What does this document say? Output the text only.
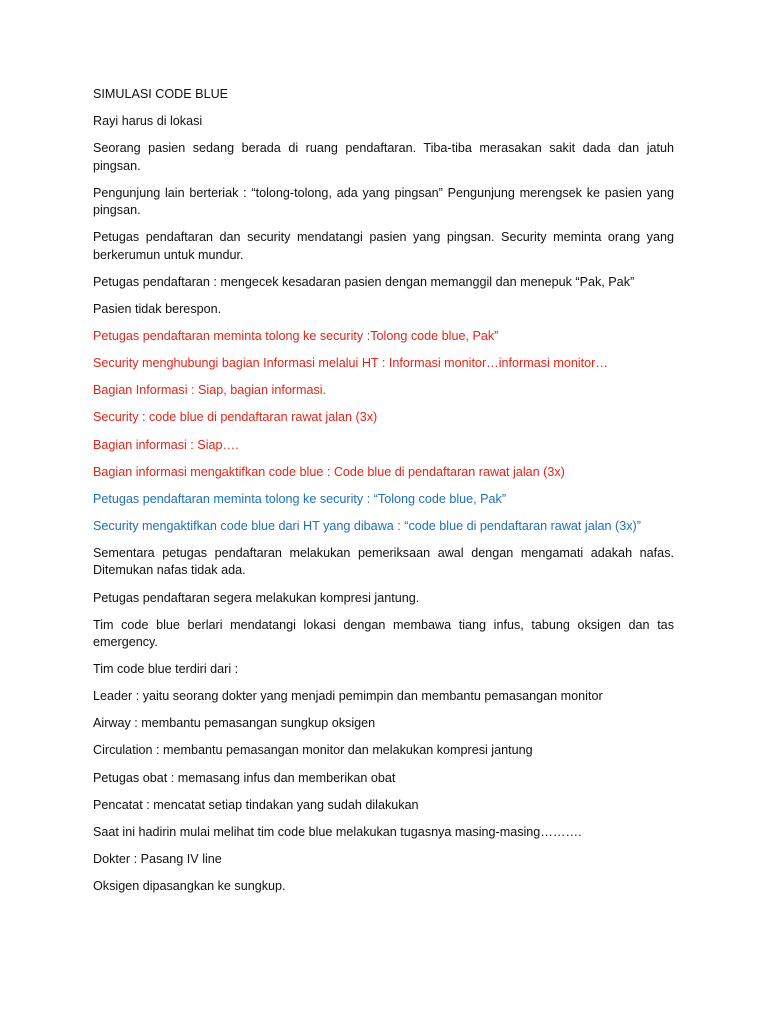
SIMULASI CODE BLUE

Rayi harus di lokasi

Seorang pasien sedang berada di ruang pendaftaran. Tiba-tiba merasakan sakit dada dan jatuh pingsan.

Pengunjung lain berteriak : “tolong-tolong, ada yang pingsan” Pengunjung merengsek ke pasien yang pingsan.

Petugas pendaftaran dan security mendatangi pasien yang pingsan. Security meminta orang yang berkerumun untuk mundur.

Petugas pendaftaran : mengecek kesadaran pasien dengan memanggil dan menepuk “Pak, Pak”

Pasien tidak berespon.

Petugas pendaftaran meminta tolong ke security :Tolong code blue, Pak”

Security menghubungi bagian Informasi melalui HT : Informasi monitor…informasi monitor…

Bagian Informasi : Siap, bagian informasi.

Security : code blue di pendaftaran rawat jalan (3x)

Bagian informasi : Siap….

Bagian informasi mengaktifkan code blue : Code blue di pendaftaran rawat jalan (3x)

Petugas pendaftaran meminta tolong ke security : “Tolong code blue, Pak”

Security mengaktifkan code blue dari HT yang dibawa : “code blue di pendaftaran rawat jalan (3x)”

Sementara petugas pendaftaran melakukan pemeriksaan awal dengan mengamati adakah nafas. Ditemukan nafas tidak ada.

Petugas pendaftaran segera melakukan kompresi jantung.

Tim code blue berlari mendatangi lokasi dengan membawa tiang infus, tabung oksigen dan tas emergency.

Tim code blue terdiri dari :

Leader : yaitu seorang dokter yang menjadi pemimpin dan membantu pemasangan monitor

Airway : membantu pemasangan sungkup oksigen

Circulation : membantu pemasangan monitor dan melakukan kompresi jantung

Petugas obat : memasang infus dan memberikan obat

Pencatat : mencatat setiap tindakan yang sudah dilakukan

Saat ini hadirin mulai melihat tim code blue melakukan tugasnya masing-masing……….

Dokter : Pasang IV line

Oksigen dipasangkan ke sungkup.
